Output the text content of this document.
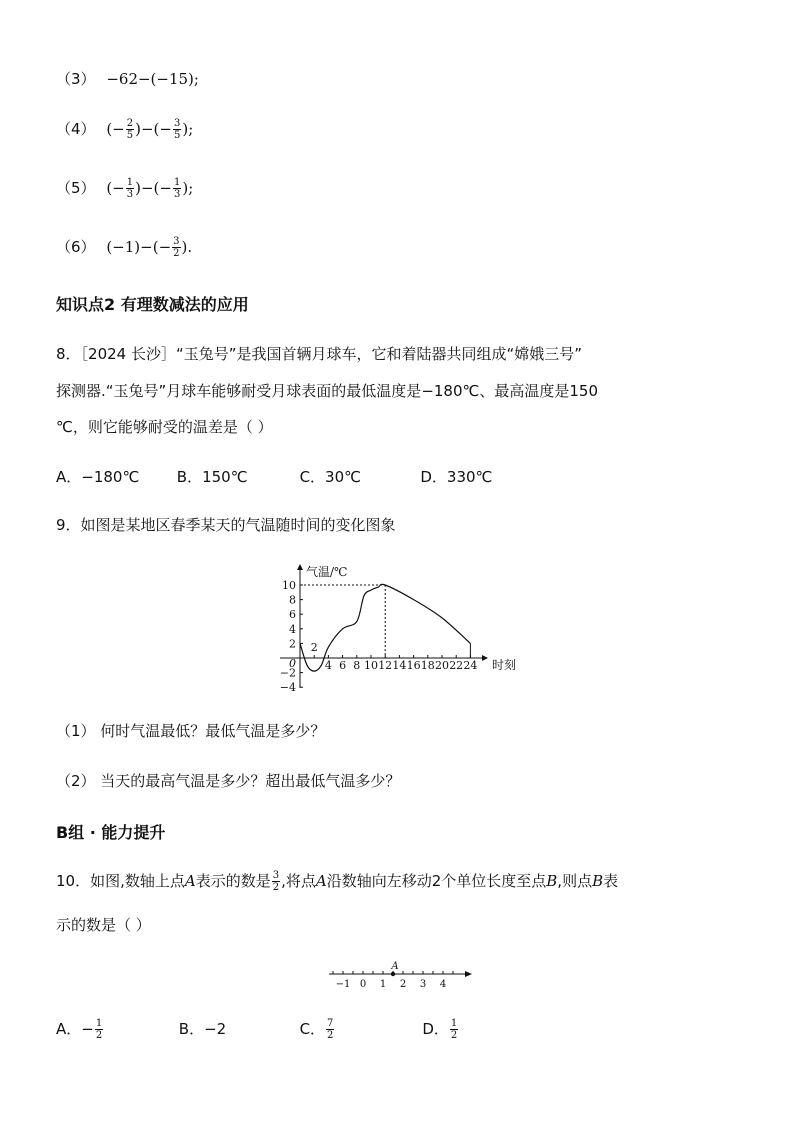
（3） −62−(−15);
（4） (− $\frac{2}{5}$ )−(− $\frac{3}{5}$ );
（5） (− $\frac{1}{3}$ )−(− $\frac{1}{3}$ );
（6） $(-1)-(- \frac{3}{2}$ ).
知识点2 有理数减法的应用
8．［2024 长沙］“玉兔号”是我国首辆月球车，它和着陆器共同组成“嫦娥三号”
探测器.“玉兔号”月球车能够耐受月球表面的最低温度是−180℃、最高温度是150
℃，则它能够耐受的温差是（ ）
A．−180℃ B．150℃	C．30℃	D．330℃
9．如图是某地区春季某天的气温随时间的变化图象
气温/℃
时刻
0
2
4 6 8 10 12 14 16 18 20 22 24
10
8
6
4
2
−2
−4
（1） 何时气温最低？最低气温是多少？
（2） 当天的最高气温是多少？超出最低气温多少？
B组 · 能力提升
10．如图,数轴上点A表示的数是 $\frac{3}{2}$ ,将点A沿数轴向左移动2个单位长度至点B,则点B表
示的数是（ ）
−1 0 1 2 3 4
A
A．− $\frac{1}{2}$	B．−2	C． $\frac{7}{2}$	D． $\frac{1}{2}$
